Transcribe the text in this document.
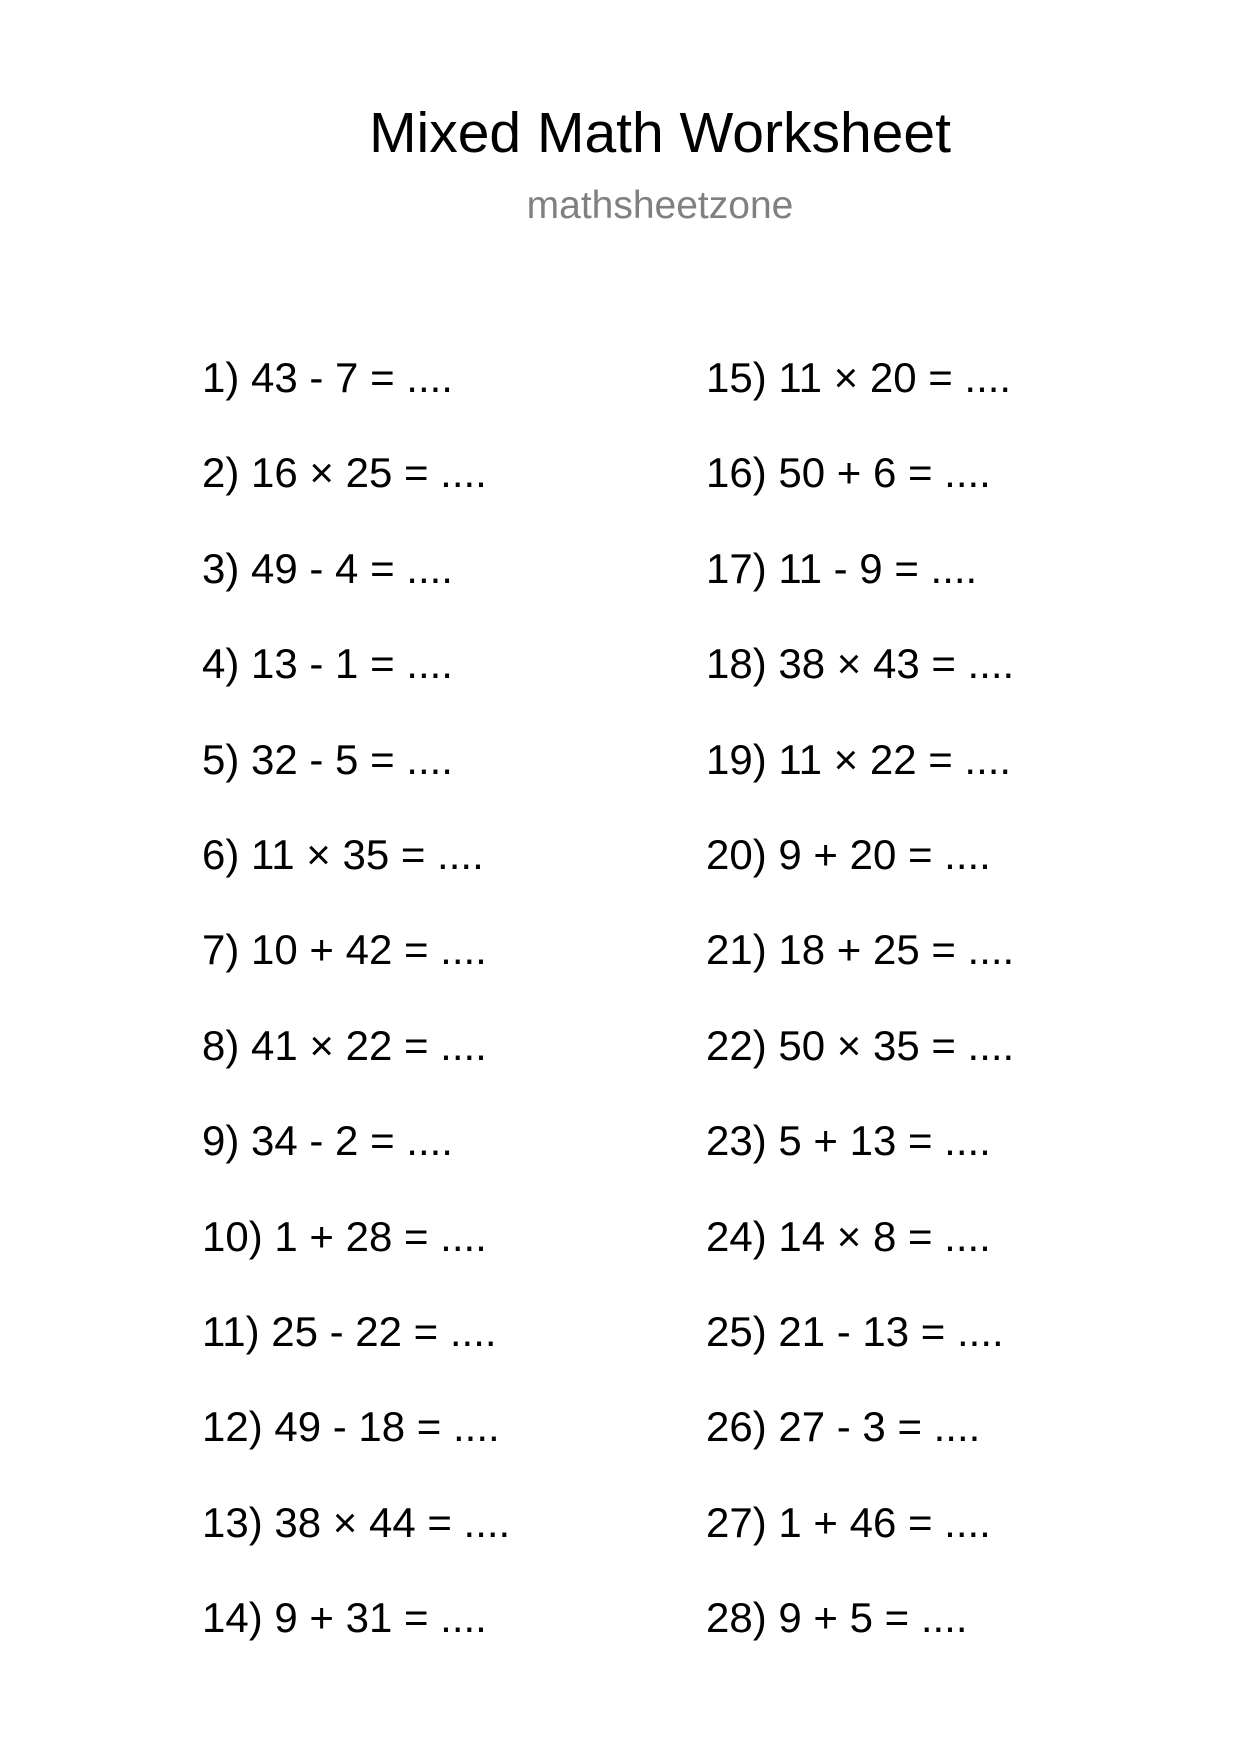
Mixed Math Worksheet
mathsheetzone
1) 43 - 7 = ....
2) 16 × 25 = ....
3) 49 - 4 = ....
4) 13 - 1 = ....
5) 32 - 5 = ....
6) 11 × 35 = ....
7) 10 + 42 = ....
8) 41 × 22 = ....
9) 34 - 2 = ....
10) 1 + 28 = ....
11) 25 - 22 = ....
12) 49 - 18 = ....
13) 38 × 44 = ....
14) 9 + 31 = ....
15) 11 × 20 = ....
16) 50 + 6 = ....
17) 11 - 9 = ....
18) 38 × 43 = ....
19) 11 × 22 = ....
20) 9 + 20 = ....
21) 18 + 25 = ....
22) 50 × 35 = ....
23) 5 + 13 = ....
24) 14 × 8 = ....
25) 21 - 13 = ....
26) 27 - 3 = ....
27) 1 + 46 = ....
28) 9 + 5 = ....
